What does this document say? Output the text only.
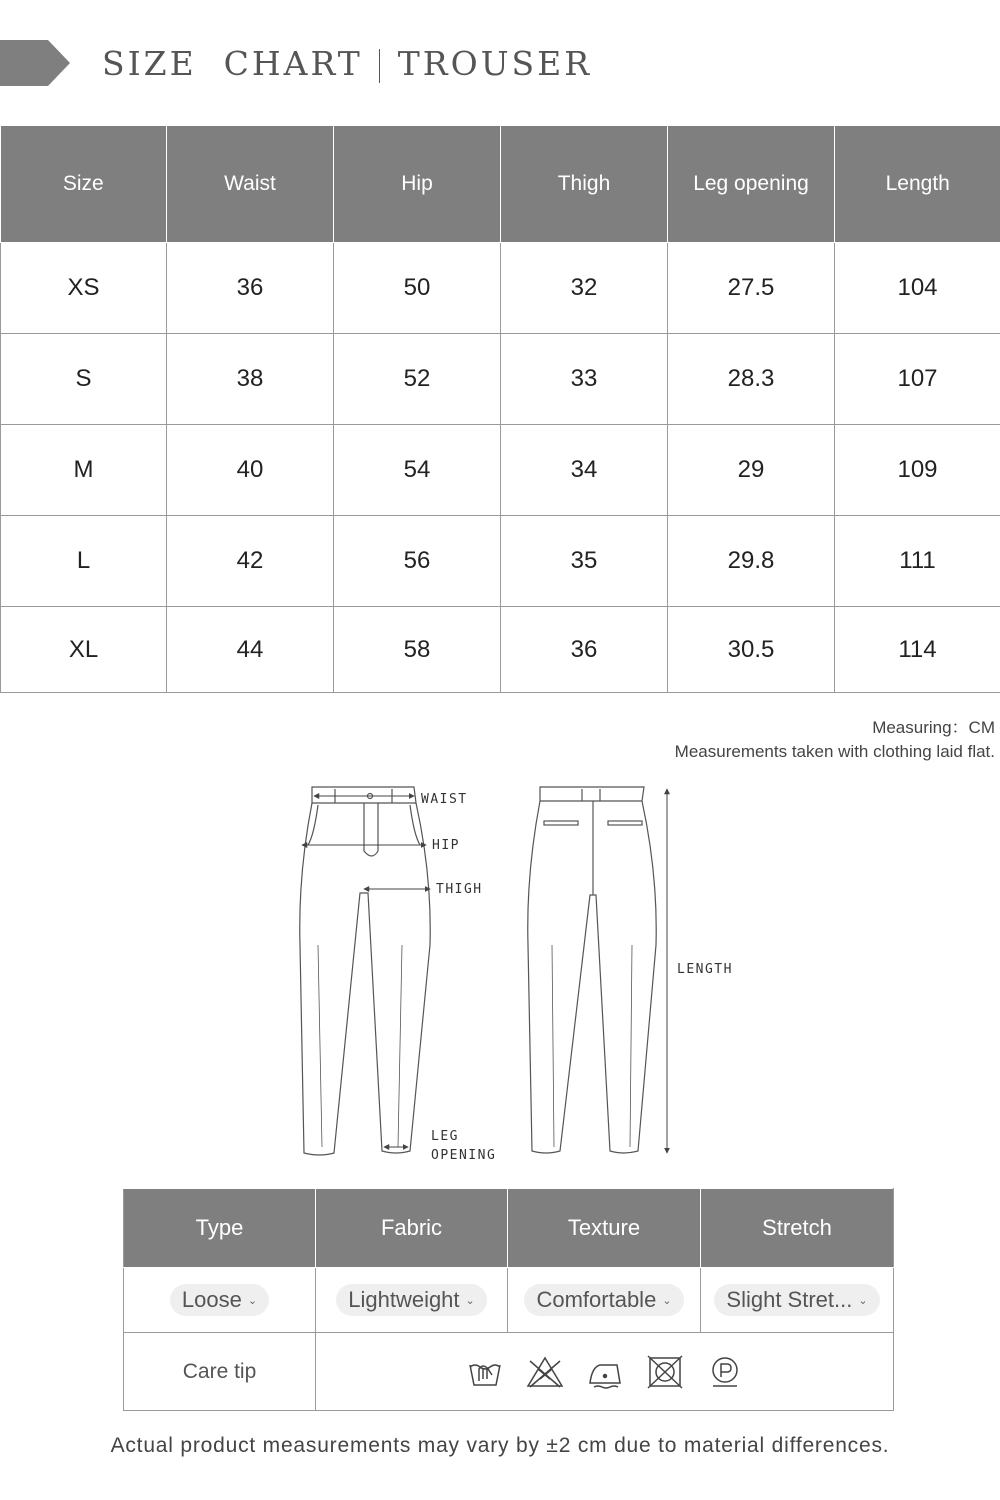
SIZE  CHART TROUSER
Size	Waist	Hip	Thigh	Leg opening	Length
XS	36	50	32	27.5	104
S	38	52	33	28.3	107
M	40	54	34	29	109
L	42	56	35	29.8	111
XL	44	58	36	30.5	114
Measuring：CM
Measurements taken with clothing laid flat.
WAIST
HIP
THIGH
LEG
OPENING
LENGTH
Type	Fabric	Texture	Stretch

Loose ⌄	Lightweight ⌄	Comfortable ⌄	Slight Stret... ⌄

Care tip	
Actual product measurements may vary by ±2 cm due to material differences.
